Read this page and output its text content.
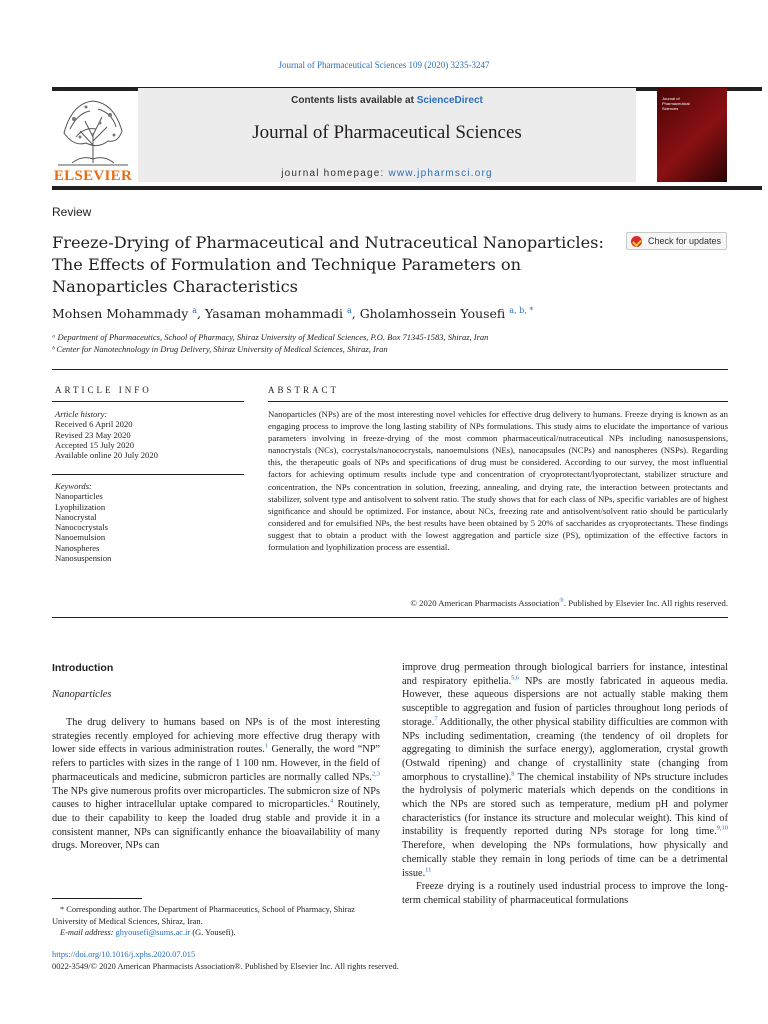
Journal of Pharmaceutical Sciences 109 (2020) 3235-3247
ELSEVIER
Contents lists available at ScienceDirect
Journal of Pharmaceutical Sciences
journal homepage: www.jpharmsci.org
Journal of Pharmaceutical Sciences
Review
Freeze-Drying of Pharmaceutical and Nutraceutical Nanoparticles:
The Effects of Formulation and Technique Parameters on
Nanoparticles Characteristics
Check for updates
Mohsen Mohammady $^a$, Yasaman mohammadi $^a$, Gholamhossein Yousefi $^{a, b, *}$
ᵃ Department of Pharmaceutics, School of Pharmacy, Shiraz University of Medical Sciences, P.O. Box 71345-1583, Shiraz, Iran
ᵇ Center for Nanotechnology in Drug Delivery, Shiraz University of Medical Sciences, Shiraz, Iran
ARTICLE INFO
Article history:
Received 6 April 2020
Revised 23 May 2020
Accepted 15 July 2020
Available online 20 July 2020
Keywords:
Nanoparticles
Lyophilization
Nanocrystal
Nanococrystals
Nanoemulsion
Nanospheres
Nanosuspension
ABSTRACT
Nanoparticles (NPs) are of the most interesting novel vehicles for effective drug delivery to humans. Freeze drying is known as an engaging process to improve the long lasting stability of NPs formulations. This study aims to elucidate the importance of various parameters involving in freeze-drying of the most common pharmaceutical/nutraceutical NPs including nanosuspensions, nanocrystals (NCs), cocrystals/nanococrystals, nanoemulsions (NEs), nanocapsules (NCPs) and nanospheres (NSPs). Regarding this, the therapeutic goals of NPs and specifications of drug must be considered. According to our survey, the most influential factors for achieving optimum results include type and concentration of cryoprotectant/lyoprotectant, stabilizer structure and concentration, the NPs concentration in solution, freezing, annealing, and drying rate, the interaction between protectants and stabilizer, solvent type and antisolvent to solvent ratio. The study shows that for each class of NPs, specific variables are of highest significance and should be optimized. For instance, about NCs, freezing rate and antisolvent/solvent ratio should be particularly considered and for emulsified NPs, the best results have been obtained by 5 20% of saccharides as cryoprotectants. These findings suggest that to obtain a product with the lowest aggregation and particle size (PS), optimization of the effective factors in formulation and lyophilization process are essential.
© 2020 American Pharmacists Association®. Published by Elsevier Inc. All rights reserved.
Introduction
Nanoparticles

The drug delivery to humans based on NPs is of the most interesting strategies recently employed for achieving more effective drug therapy with lower side effects in various administration routes.$^1$ Generally, the word “NP” refers to particles with sizes in the range of 1 100 nm. However, in the field of pharmaceuticals and medicine, submicron particles are normally called NPs.$^{2,3}$ The NPs give numerous profits over microparticles. The submicron size of NPs causes to higher intracellular uptake compared to microparticles.$^4$ Routinely, due to their capability to keep the loaded drug stable and provide it in a consistent manner, NPs can significantly enhance the bioavailability of many drugs. Moreover, NPs can

improve drug permeation through biological barriers for instance, intestinal and respiratory epithelia.$^{5,6}$ NPs are mostly fabricated in aqueous media. However, these aqueous dispersions are not actually stable making them susceptible to aggregation and fusion of particles throughout long periods of storage.$^7$ Additionally, the other physical stability difficulties are common with NPs including sedimentation, creaming (the tendency of oil droplets for aggregating to diminish the surface energy), agglomeration, crystal growth (Ostwald ripening) and change of crystallinity state (changing from amorphous to crystalline).$^8$ The chemical instability of NPs structure includes the hydrolysis of polymeric materials which depends on the conditions in which the NPs are stored such as temperature, medium pH and polymer characteristics (for instance its structure and molecular weight). This kind of instability is frequently reported during NPs storage for long time.$^{9,10}$ Therefore, when developing the NPs formulations, how physically and chemically stable they remain in long periods of time can be a detrimental issue.$^{11}$

Freeze drying is a routinely used industrial process to improve the long-term chemical stability of pharmaceutical formulations

* Corresponding author. The Department of Pharmaceutics, School of Pharmacy, Shiraz University of Medical Sciences, Shiraz, Iran.
E-mail address: ghyousefi@sums.ac.ir (G. Yousefi).
https://doi.org/10.1016/j.xphs.2020.07.015
0022-3549/© 2020 American Pharmacists Association®. Published by Elsevier Inc. All rights reserved.
